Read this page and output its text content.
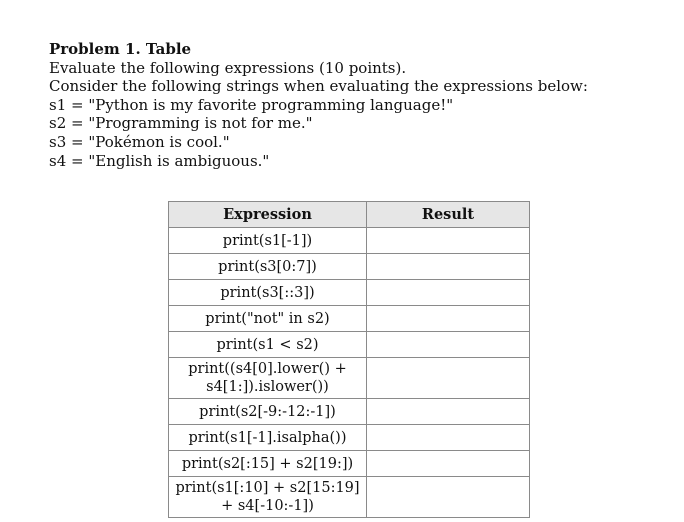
Problem 1. Table
Evaluate the following expressions (10 points).
Consider the following strings when evaluating the expressions below:
s1 = "Python is my favorite programming language!"
s2 = "Programming is not for me."
s3 = "Pokémon is cool."
s4 = "English is ambiguous."
Expression	Result

print(s1[-1])	

print(s3[0:7])	

print(s3[::3])	

print("not" in s2)	

print(s1 < s2)	

print((s4[0].lower() +
s4[1:]).islower())	

print(s2[-9:-12:-1])	

print(s1[-1].isalpha())	

print(s2[:15] + s2[19:])	

print(s1[:10] + s2[15:19]
+ s4[-10:-1])	
